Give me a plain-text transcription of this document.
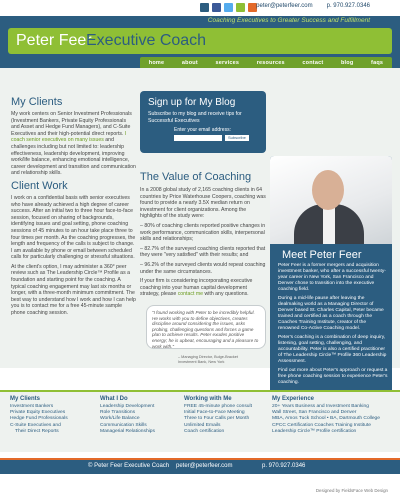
peter@peterfeer.com p. 970.927.0346
Coaching Executives to Greater Success and Fulfillment
Peter Feer
Executive Coach
home	about	services	resources	contact	blog	faqs
My Clients

My work centers on Senior Investment Professionals (Investment Bankers, Private Equity Professionals and Asset and Hedge Fund Managers), and C-Suite Executives and their high-potential direct reports. I coach senior executives on many issues and challenges including but not limited to: leadership effectiveness, leadership development, improving work/life balance, enhancing emotional intelligence, career development and transition and communication and relationship skills.

Client Work

I work on a confidential basis with senior executives who have already achieved a high degree of career success. After an initial two to three hour face-to-face session, focused on sharing of backgrounds, identifying issues and goal setting, phone coaching sessions of 45 minutes to an hour take place three to four times per month. As the coaching progresses, the length and frequency of the calls is subject to change. I am available by phone or email between scheduled calls for particularly challenging or stressful situations.

At the client's option, I may administer a 360° peer review such as The Leadership Circle™ Profile as a foundation and starting point for the coaching. A typical coaching engagement may last six months or longer, with a three-month minimum commitment. The best way to understand how I work and how I can help you is to contact me for a free 45-minute sample phone coaching session.

Sign up for My Blog

Subscribe to my blog and receive tips for Successful Executives

Enter your email address:
Subscribe
The Value of Coaching

In a 2008 global study of 2,165 coaching clients in 64 countries by Price Waterhouse Coopers, coaching was found to provide a nearly 3.5X median return on investment for client organizations. Among the highlights of the study were:

– 80% of coaching clients reported positive changes in work performance, communication skills, interpersonal skills and relationships;

– 82.7% of the surveyed coaching clients reported that they were "very satisfied" with their results; and

– 96.2% of the surveyed clients would repeat coaching under the same circumstances.

If your firm is considering incorporating executive coaching into your human capital development strategy, please contact me with any questions.

Meet Peter Feer

Peter Feer is a former mergers and acquisition investment banker, who after a successful twenty-year career in New York, San Francisco and Denver chose to transition into the executive coaching field.

During a mid-life pause after leaving the dealmaking world as a Managing Director of Denver based St. Charles Capital, Peter became trained and certified as a coach through the Coaches Training Institute, creator of the renowned Co-Active Coaching model.

Peter's coaching is a combination of deep inquiry, listening, goal setting, challenging, and accountability. Peter is also a certified practitioner of The Leadership Circle™ Profile 360 Leadership Assessment.

Find out more about Peter's approach or request a free phone coaching session to experience Peter's coaching.

"I found working with Peter to be incredibly helpful. He works with you to define objectives, creates discipline around considering the issues, asks probing, challenging questions and forces a game plan to achieve results. Peter exudes positive energy; he is upbeat, encouraging and a pleasure to work with."

– Managing Director, Bulge-Bracket
Investment Bank, New York
My Clients
Investment Bankers
Private Equity Executives
Hedge Fund Professionals
C-Suite Executives and
Their Direct Reports
What I Do
Leadership Development
Role Transitions
Work/Life Balance
Communication Skills
Managerial Relationships
Working with Me
FREE 45-minute phone consult
Initial Face-to-Face Meeting
Three to Four Calls per Month
Unlimited Emails
Coach certification
My Experience
20+ Years Business and Investment Banking
Wall Street, San Francisco and Denver
MBA, Amos Tuck School • BA, Dartmouth College
CPCC Certification Coaches Training Institute
Leadership Circle™ Profile certification
© Peter Feer Executive Coach peter@peterfeer.com	p. 970.927.0346
Designed by FieldsFace Web Design
